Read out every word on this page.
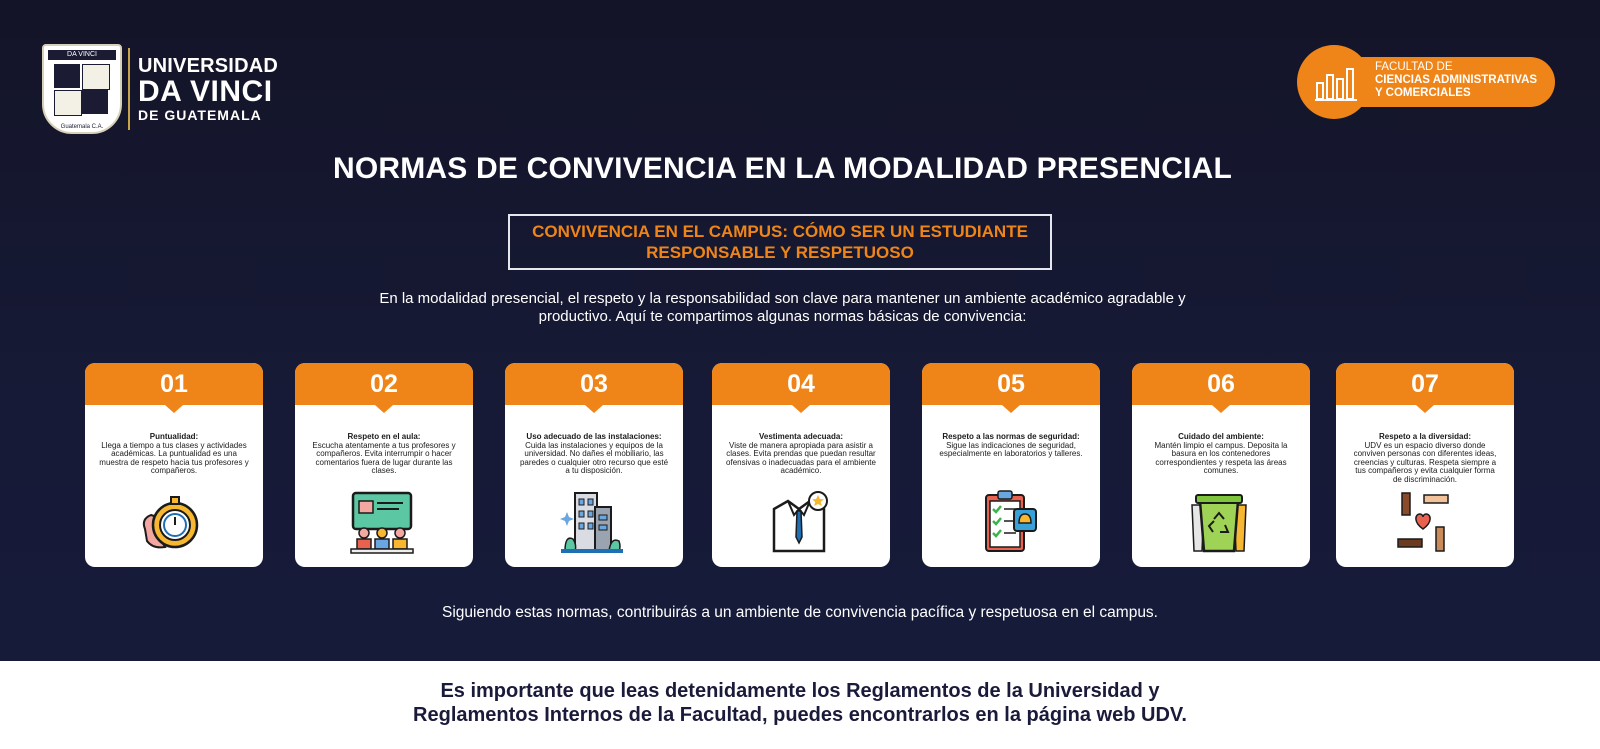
DA VINCI
Guatemala C.A.
UNIVERSIDAD
DA VINCI
DE GUATEMALA
FACULTAD DE
CIENCIAS ADMINISTRATIVAS
Y COMERCIALES
NORMAS DE CONVIVENCIA EN LA MODALIDAD PRESENCIAL
CONVIVENCIA EN EL CAMPUS: CÓMO SER UN ESTUDIANTE RESPONSABLE Y RESPETUOSO
En la modalidad presencial, el respeto y la responsabilidad son clave para mantener un ambiente académico agradable y productivo. Aquí te compartimos algunas normas básicas de convivencia:
01
Puntualidad:
Llega a tiempo a tus clases y actividades académicas. La puntualidad es una muestra de respeto hacia tus profesores y compañeros.
02
Respeto en el aula:
Escucha atentamente a tus profesores y compañeros. Evita interrumpir o hacer comentarios fuera de lugar durante las clases.
03
Uso adecuado de las instalaciones:
Cuida las instalaciones y equipos de la universidad. No dañes el mobiliario, las paredes o cualquier otro recurso que esté a tu disposición.
04
Vestimenta adecuada:
Viste de manera apropiada para asistir a clases. Evita prendas que puedan resultar ofensivas o inadecuadas para el ambiente académico.
05
Respeto a las normas de seguridad:
Sigue las indicaciones de seguridad, especialmente en laboratorios y talleres.
06
Cuidado del ambiente:
Mantén limpio el campus. Deposita la basura en los contenedores correspondientes y respeta las áreas comunes.
07
Respeto a la diversidad:
UDV es un espacio diverso donde conviven personas con diferentes ideas, creencias y culturas. Respeta siempre a tus compañeros y evita cualquier forma de discriminación.
Siguiendo estas normas, contribuirás a un ambiente de convivencia pacífica y respetuosa en el campus.
Es importante que leas detenidamente los Reglamentos de la Universidad y
Reglamentos Internos de la Facultad, puedes encontrarlos en la página web UDV.
